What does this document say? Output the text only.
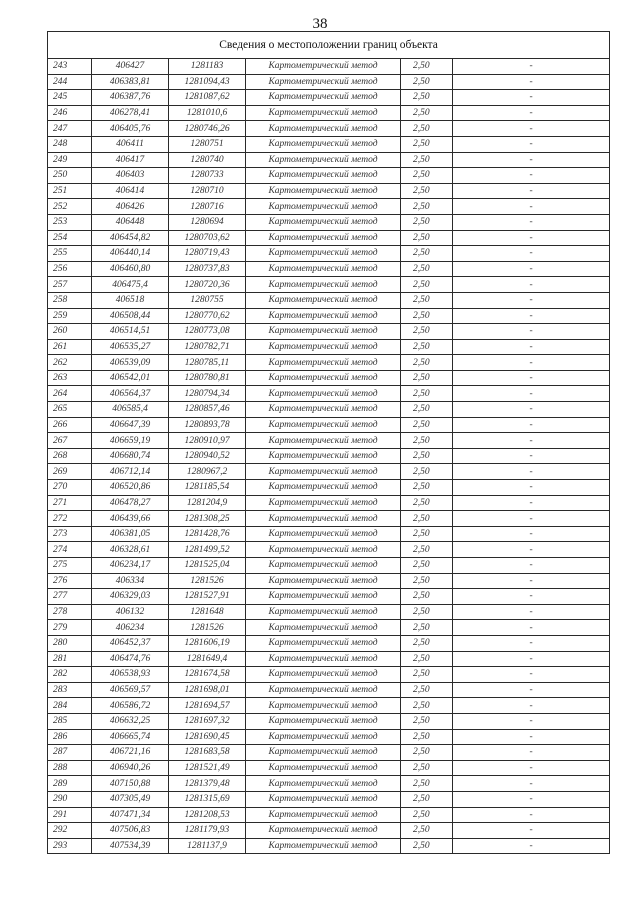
38
Сведения о местоположении границ объекта					
243	406427	1281183	Картометрический метод	2,50	-
244	406383,81	1281094,43	Картометрический метод	2,50	-
245	406387,76	1281087,62	Картометрический метод	2,50	-
246	406278,41	1281010,6	Картометрический метод	2,50	-
247	406405,76	1280746,26	Картометрический метод	2,50	-
248	406411	1280751	Картометрический метод	2,50	-
249	406417	1280740	Картометрический метод	2,50	-
250	406403	1280733	Картометрический метод	2,50	-
251	406414	1280710	Картометрический метод	2,50	-
252	406426	1280716	Картометрический метод	2,50	-
253	406448	1280694	Картометрический метод	2,50	-
254	406454,82	1280703,62	Картометрический метод	2,50	-
255	406440,14	1280719,43	Картометрический метод	2,50	-
256	406460,80	1280737,83	Картометрический метод	2,50	-
257	406475,4	1280720,36	Картометрический метод	2,50	-
258	406518	1280755	Картометрический метод	2,50	-
259	406508,44	1280770,62	Картометрический метод	2,50	-
260	406514,51	1280773,08	Картометрический метод	2,50	-
261	406535,27	1280782,71	Картометрический метод	2,50	-
262	406539,09	1280785,11	Картометрический метод	2,50	-
263	406542,01	1280780,81	Картометрический метод	2,50	-
264	406564,37	1280794,34	Картометрический метод	2,50	-
265	406585,4	1280857,46	Картометрический метод	2,50	-
266	406647,39	1280893,78	Картометрический метод	2,50	-
267	406659,19	1280910,97	Картометрический метод	2,50	-
268	406680,74	1280940,52	Картометрический метод	2,50	-
269	406712,14	1280967,2	Картометрический метод	2,50	-
270	406520,86	1281185,54	Картометрический метод	2,50	-
271	406478,27	1281204,9	Картометрический метод	2,50	-
272	406439,66	1281308,25	Картометрический метод	2,50	-
273	406381,05	1281428,76	Картометрический метод	2,50	-
274	406328,61	1281499,52	Картометрический метод	2,50	-
275	406234,17	1281525,04	Картометрический метод	2,50	-
276	406334	1281526	Картометрический метод	2,50	-
277	406329,03	1281527,91	Картометрический метод	2,50	-
278	406132	1281648	Картометрический метод	2,50	-
279	406234	1281526	Картометрический метод	2,50	-
280	406452,37	1281606,19	Картометрический метод	2,50	-
281	406474,76	1281649,4	Картометрический метод	2,50	-
282	406538,93	1281674,58	Картометрический метод	2,50	-
283	406569,57	1281698,01	Картометрический метод	2,50	-
284	406586,72	1281694,57	Картометрический метод	2,50	-
285	406632,25	1281697,32	Картометрический метод	2,50	-
286	406665,74	1281690,45	Картометрический метод	2,50	-
287	406721,16	1281683,58	Картометрический метод	2,50	-
288	406940,26	1281521,49	Картометрический метод	2,50	-
289	407150,88	1281379,48	Картометрический метод	2,50	-
290	407305,49	1281315,69	Картометрический метод	2,50	-
291	407471,34	1281208,53	Картометрический метод	2,50	-
292	407506,83	1281179,93	Картометрический метод	2,50	-
293	407534,39	1281137,9	Картометрический метод	2,50	-
